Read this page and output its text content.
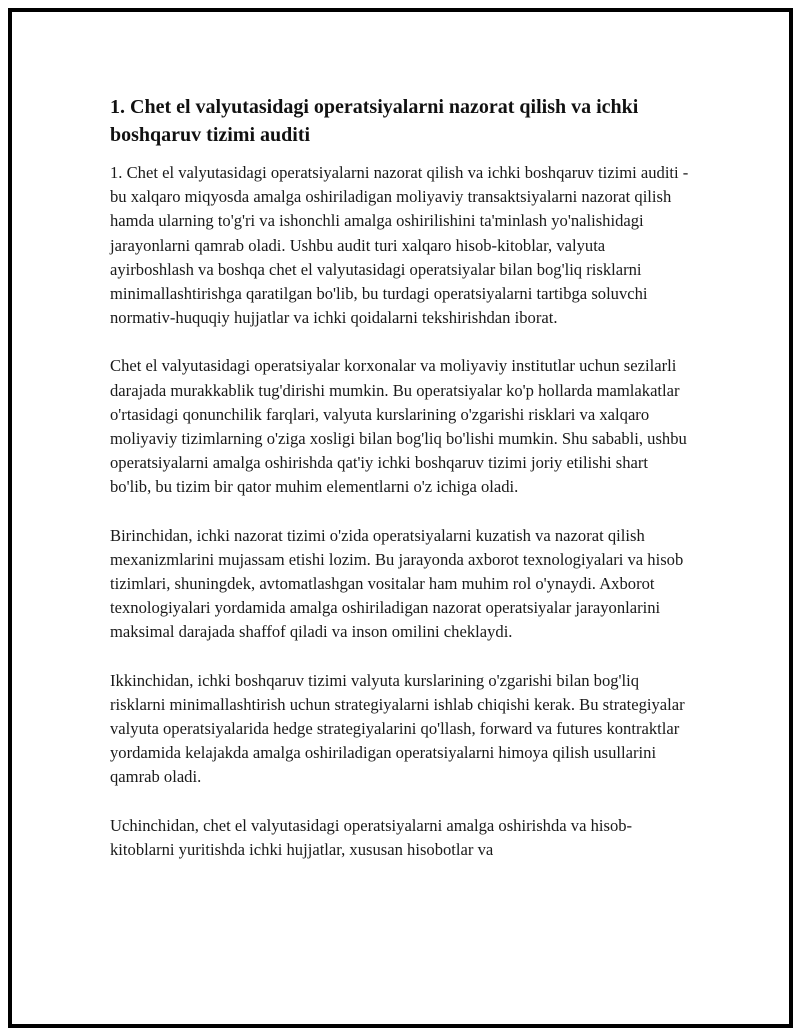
1. Chet el valyutasidagi operatsiyalarni nazorat qilish va ichki boshqaruv tizimi auditi

1. Chet el valyutasidagi operatsiyalarni nazorat qilish va ichki boshqaruv tizimi auditi - bu xalqaro miqyosda amalga oshiriladigan moliyaviy transaktsiyalarni nazorat qilish hamda ularning to'g'ri va ishonchli amalga oshirilishini ta'minlash yo'nalishidagi jarayonlarni qamrab oladi. Ushbu audit turi xalqaro hisob-kitoblar, valyuta ayirboshlash va boshqa chet el valyutasidagi operatsiyalar bilan bog'liq risklarni minimallashtirishga qaratilgan bo'lib, bu turdagi operatsiyalarni tartibga soluvchi normativ-huquqiy hujjatlar va ichki qoidalarni tekshirishdan iborat.

Chet el valyutasidagi operatsiyalar korxonalar va moliyaviy institutlar uchun sezilarli darajada murakkablik tug'dirishi mumkin. Bu operatsiyalar ko'p hollarda mamlakatlar o'rtasidagi qonunchilik farqlari, valyuta kurslarining o'zgarishi risklari va xalqaro moliyaviy tizimlarning o'ziga xosligi bilan bog'liq bo'lishi mumkin. Shu sababli, ushbu operatsiyalarni amalga oshirishda qat'iy ichki boshqaruv tizimi joriy etilishi shart bo'lib, bu tizim bir qator muhim elementlarni o'z ichiga oladi.

Birinchidan, ichki nazorat tizimi o'zida operatsiyalarni kuzatish va nazorat qilish mexanizmlarini mujassam etishi lozim. Bu jarayonda axborot texnologiyalari va hisob tizimlari, shuningdek, avtomatlashgan vositalar ham muhim rol o'ynaydi. Axborot texnologiyalari yordamida amalga oshiriladigan nazorat operatsiyalar jarayonlarini maksimal darajada shaffof qiladi va inson omilini cheklaydi.

Ikkinchidan, ichki boshqaruv tizimi valyuta kurslarining o'zgarishi bilan bog'liq risklarni minimallashtirish uchun strategiyalarni ishlab chiqishi kerak. Bu strategiyalar valyuta operatsiyalarida hedge strategiyalarini qo'llash, forward va futures kontraktlar yordamida kelajakda amalga oshiriladigan operatsiyalarni himoya qilish usullarini qamrab oladi.

Uchinchidan, chet el valyutasidagi operatsiyalarni amalga oshirishda va hisob-kitoblarni yuritishda ichki hujjatlar, xususan hisobotlar va
